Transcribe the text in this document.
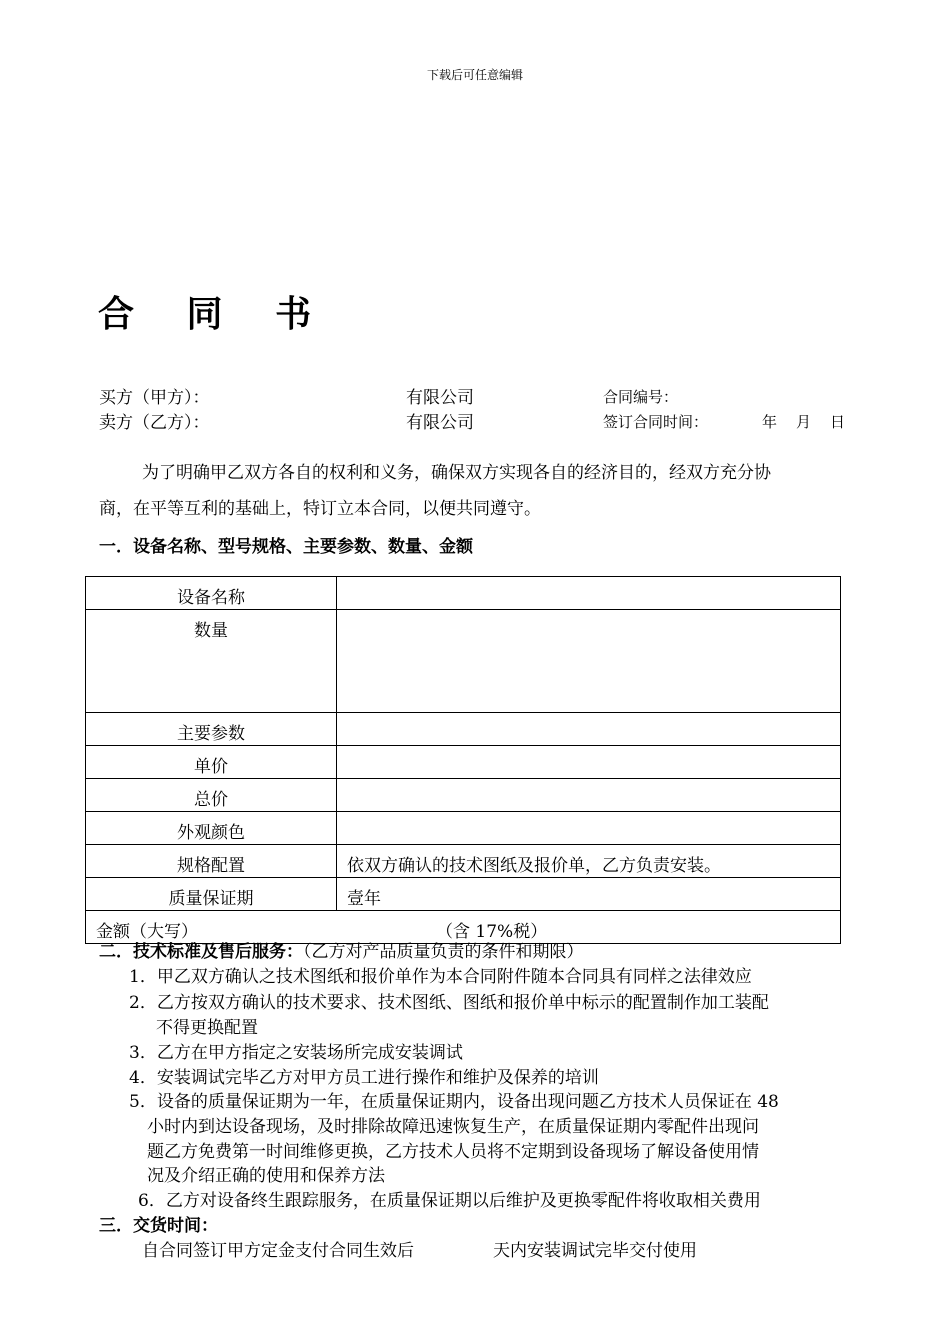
下载后可任意编辑
合 同 书
买方（甲方）：	有限公司	合同编号：
卖方（乙方）：	有限公司	签订合同时间：	年 月 日
为了明确甲乙双方各自的权利和义务，确保双方实现各自的经济目的，经双方充分协
商，在平等互利的基础上，特订立本合同，以便共同遵守。
一．设备名称、型号规格、主要参数、数量、金额
设备名称	
数量	
主要参数	
单价	
总价	
外观颜色	
规格配置	依双方确认的技术图纸及报价单，乙方负责安装。
质量保证期	壹年
金额（大写） （含 17%税）	
二．技术标准及售后服务：（乙方对产品质量负责的条件和期限）
1．甲乙双方确认之技术图纸和报价单作为本合同附件随本合同具有同样之法律效应
2．乙方按双方确认的技术要求、技术图纸、图纸和报价单中标示的配置制作加工装配
不得更换配置
3．乙方在甲方指定之安装场所完成安装调试
4．安装调试完毕乙方对甲方员工进行操作和维护及保养的培训
5．设备的质量保证期为一年，在质量保证期内，设备出现问题乙方技术人员保证在 48
小时内到达设备现场，及时排除故障迅速恢复生产，在质量保证期内零配件出现问
题乙方免费第一时间维修更换，乙方技术人员将不定期到设备现场了解设备使用情
况及介绍正确的使用和保养方法
6．乙方对设备终生跟踪服务，在质量保证期以后维护及更换零配件将收取相关费用
三．交货时间：
自合同签订甲方定金支付合同生效后	天内安装调试完毕交付使用
